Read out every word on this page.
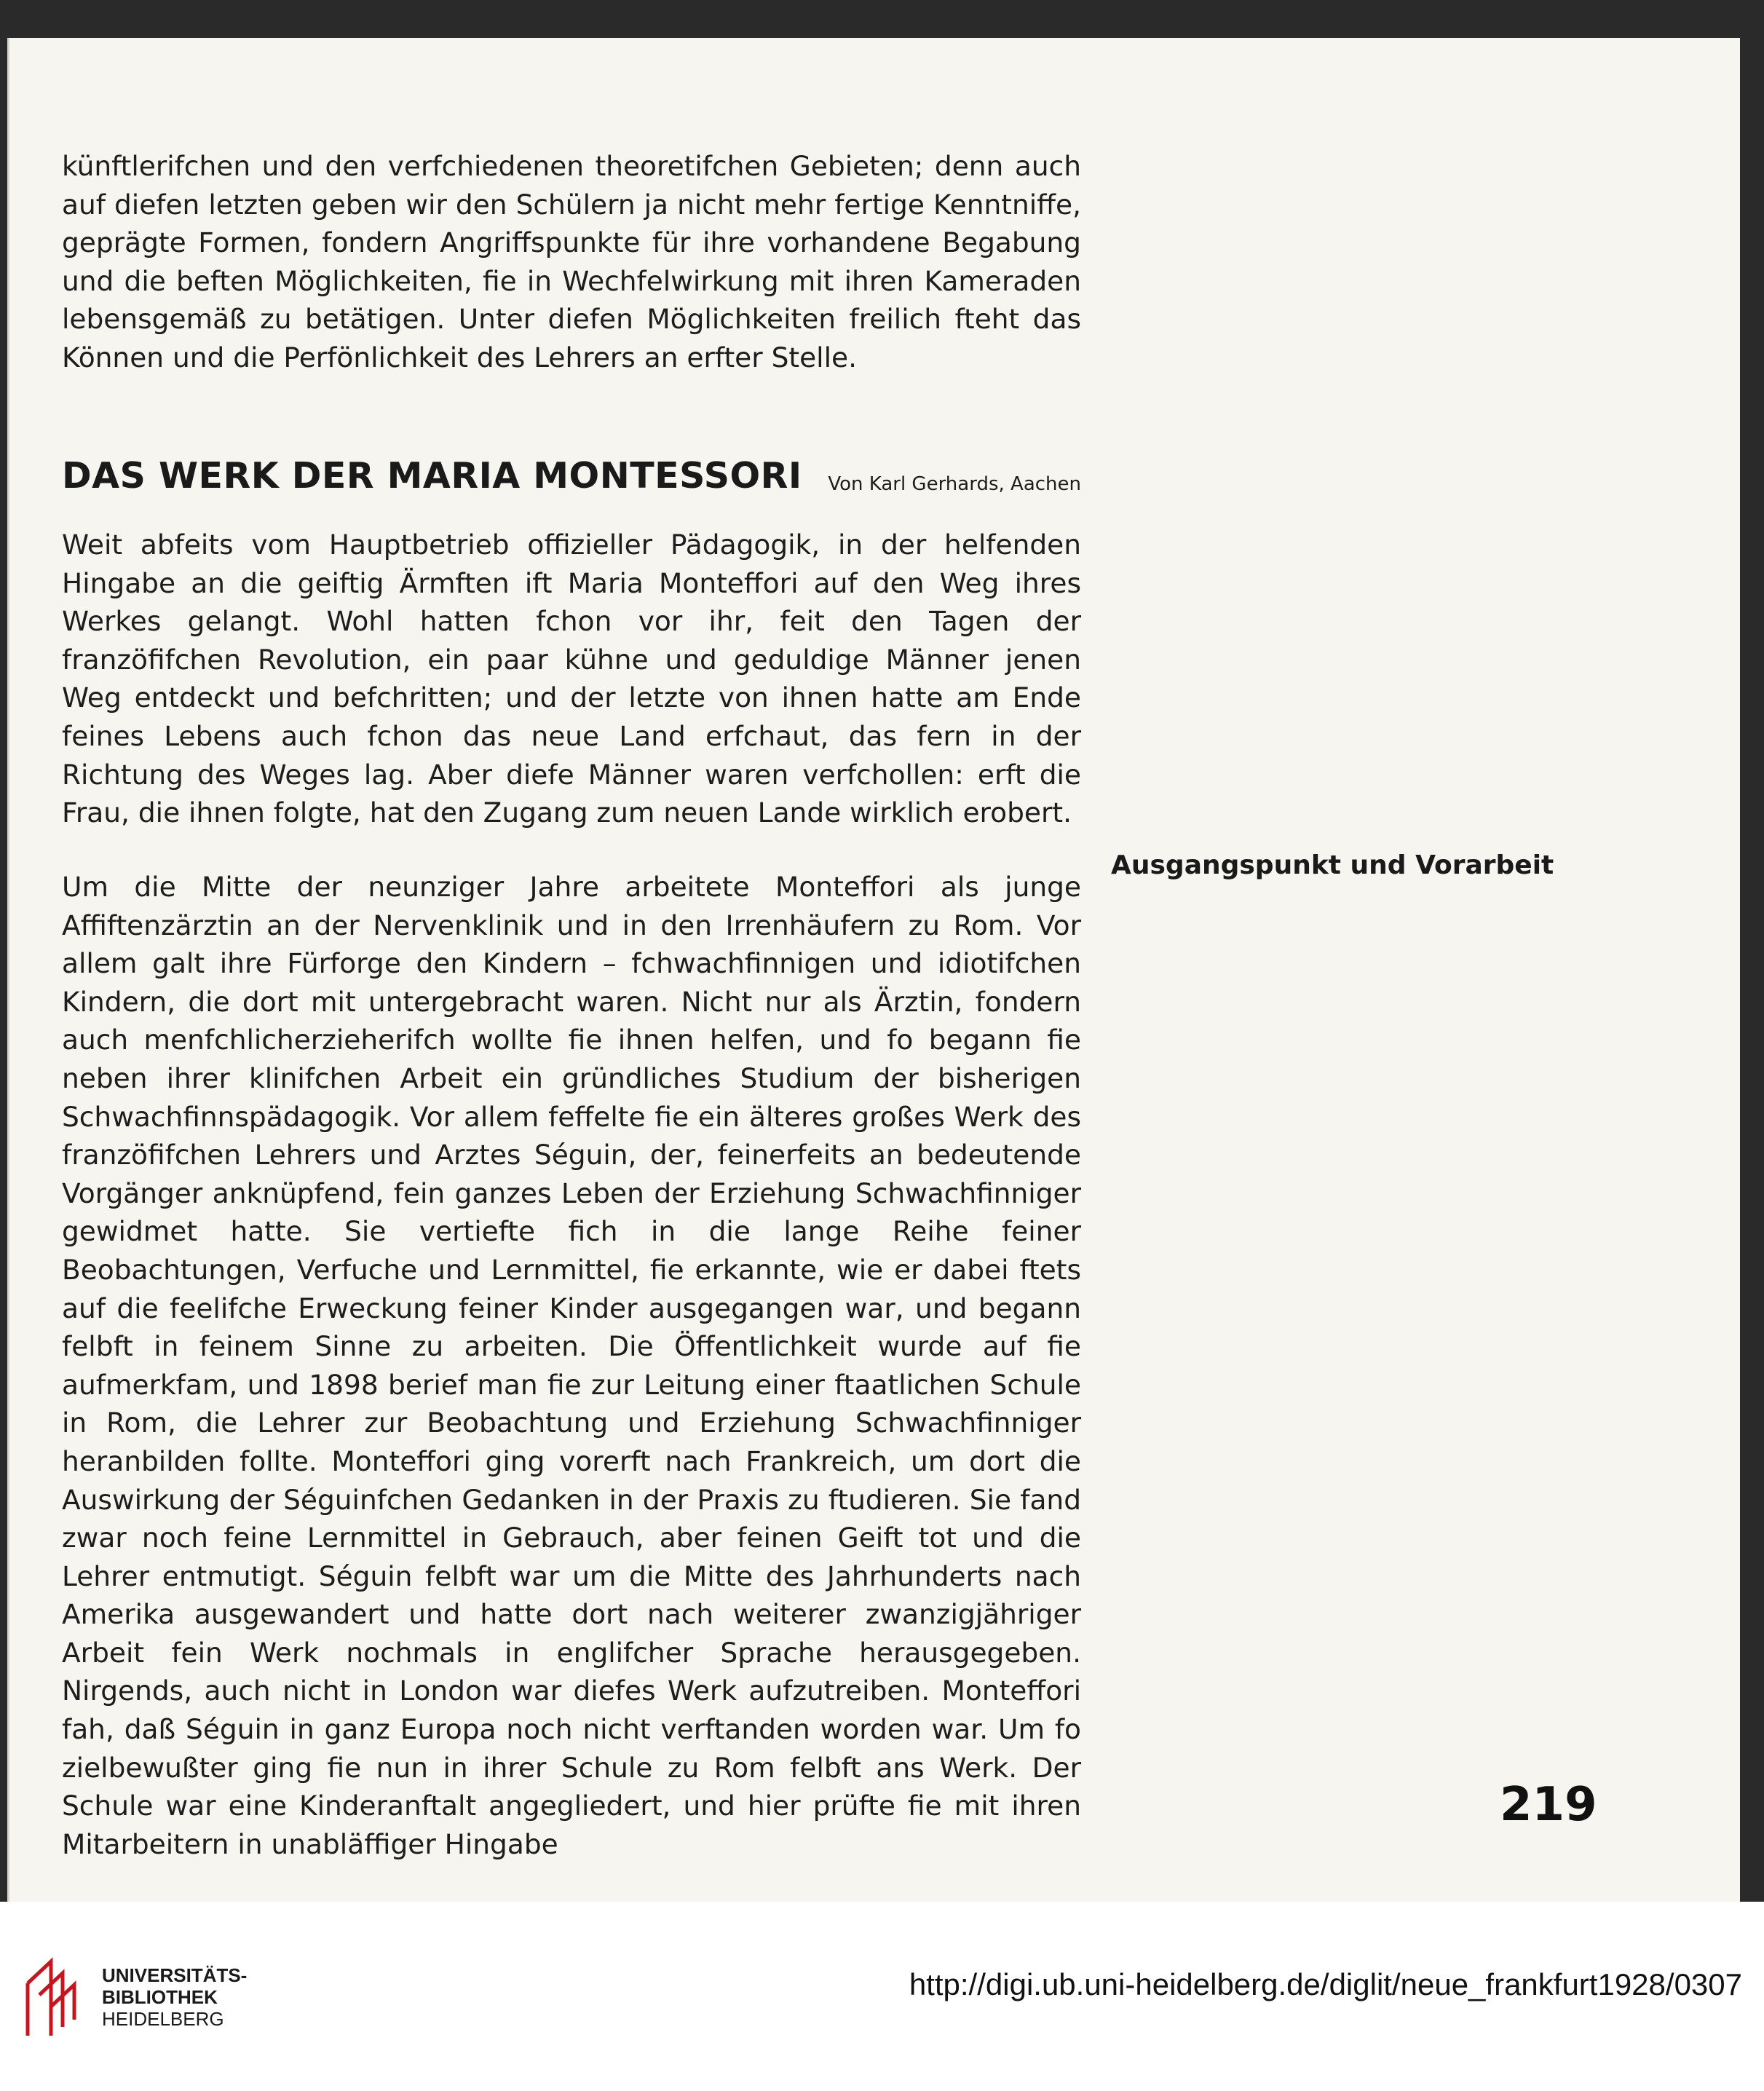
künftlerifchen und den verfchiedenen theoretifchen Gebieten; denn auch auf diefen letzten geben wir den Schülern ja nicht mehr fertige Kenntniffe, geprägte Formen, fondern Angriffspunkte für ihre vorhandene Begabung und die beften Möglichkeiten, fie in Wechfelwirkung mit ihren Kameraden lebensgemäß zu betätigen. Unter diefen Möglichkeiten freilich fteht das Können und die Perfönlichkeit des Lehrers an erfter Stelle.

DAS WERK DER MARIA MONTESSORI	Von Karl Gerhards, Aachen

Weit abfeits vom Hauptbetrieb offizieller Pädagogik, in der helfenden Hingabe an die geiftig Ärmften ift Maria Monteffori auf den Weg ihres Werkes gelangt. Wohl hatten fchon vor ihr, feit den Tagen der franzöfifchen Revolution, ein paar kühne und geduldige Männer jenen Weg entdeckt und befchritten; und der letzte von ihnen hatte am Ende feines Lebens auch fchon das neue Land erfchaut, das fern in der Richtung des Weges lag. Aber diefe Männer waren verfchollen: erft die Frau, die ihnen folgte, hat den Zugang zum neuen Lande wirklich erobert.

Um die Mitte der neunziger Jahre arbeitete Monteffori als junge Affiftenzärztin an der Nervenklinik und in den Irrenhäufern zu Rom. Vor allem galt ihre Fürforge den Kindern – fchwachfinnigen und idiotifchen Kindern, die dort mit untergebracht waren. Nicht nur als Ärztin, fondern auch menfchlicherzieherifch wollte fie ihnen helfen, und fo begann fie neben ihrer klinifchen Arbeit ein gründliches Studium der bisherigen Schwachfinnspädagogik. Vor allem feffelte fie ein älteres großes Werk des franzöfifchen Lehrers und Arztes Séguin, der, feinerfeits an bedeutende Vorgänger anknüpfend, fein ganzes Leben der Erziehung Schwachfinniger gewidmet hatte. Sie vertiefte fich in die lange Reihe feiner Beobachtungen, Verfuche und Lernmittel, fie erkannte, wie er dabei ftets auf die feelifche Erweckung feiner Kinder ausgegangen war, und begann felbft in feinem Sinne zu arbeiten. Die Öffentlichkeit wurde auf fie aufmerkfam, und 1898 berief man fie zur Leitung einer ftaatlichen Schule in Rom, die Lehrer zur Beobachtung und Erziehung Schwachfinniger heranbilden follte. Monteffori ging vorerft nach Frankreich, um dort die Auswirkung der Séguinfchen Gedanken in der Praxis zu ftudieren. Sie fand zwar noch feine Lernmittel in Gebrauch, aber feinen Geift tot und die Lehrer entmutigt. Séguin felbft war um die Mitte des Jahrhunderts nach Amerika ausgewandert und hatte dort nach weiterer zwanzigjähriger Arbeit fein Werk nochmals in englifcher Sprache herausgegeben. Nirgends, auch nicht in London war diefes Werk aufzutreiben. Monteffori fah, daß Séguin in ganz Europa noch nicht verftanden worden war. Um fo zielbewußter ging fie nun in ihrer Schule zu Rom felbft ans Werk. Der Schule war eine Kinderanftalt angegliedert, und hier prüfte fie mit ihren Mitarbeitern in unabläffiger Hingabe

Ausgangspunkt und Vorarbeit
219
UNIVERSITÄTS-
BIBLIOTHEK
HEIDELBERG
http://digi.ub.uni-heidelberg.de/diglit/neue_frankfurt1928/0307
